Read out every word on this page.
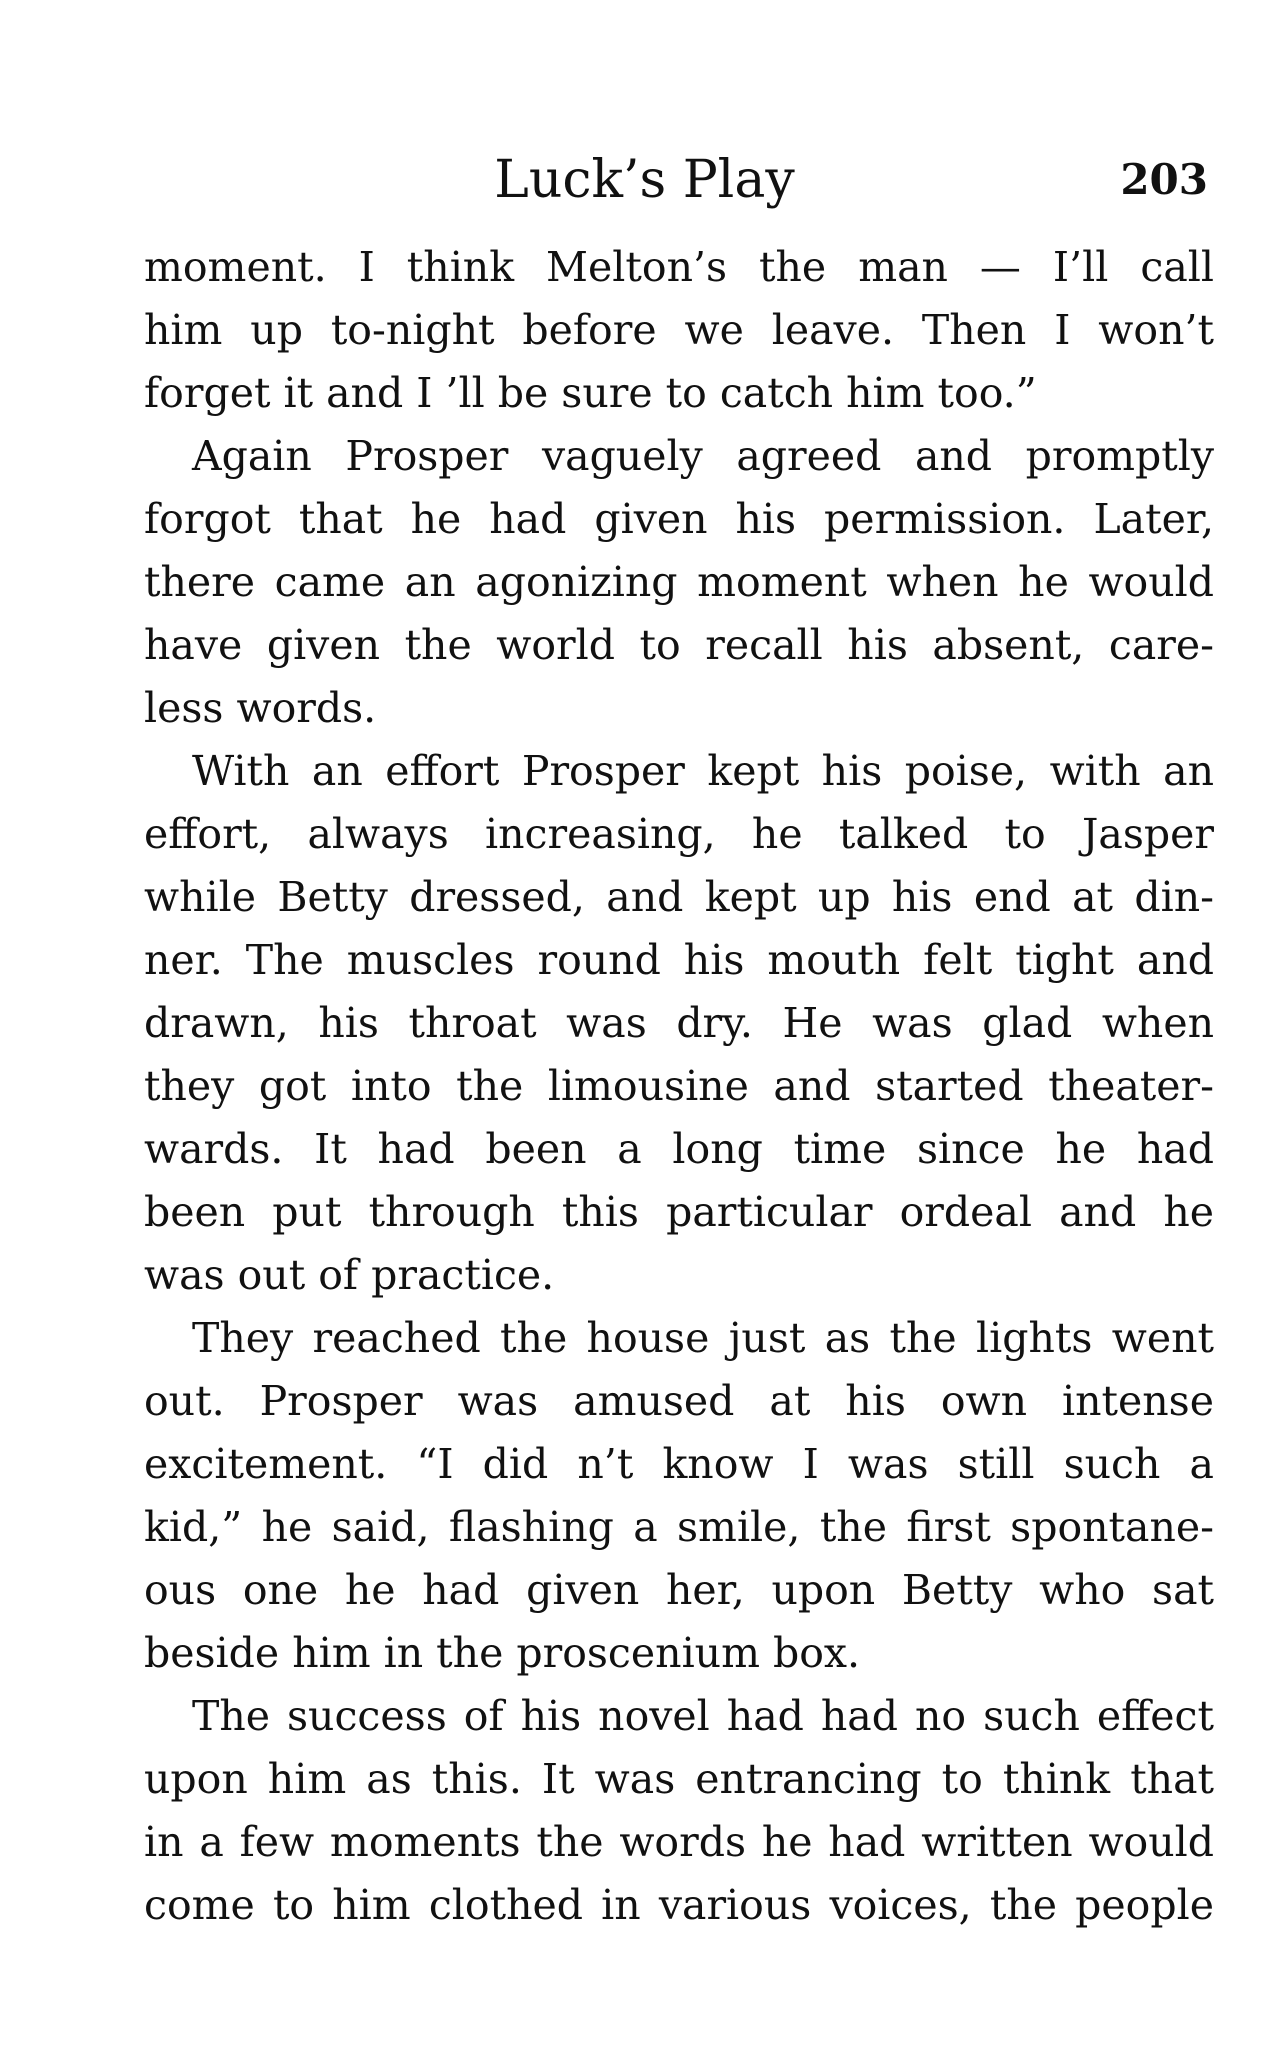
Luck’s Play	203
moment. I think Melton’s the man — I’ll call
him up to-night before we leave. Then I won’t
forget it and I ’ll be sure to catch him too.”
Again Prosper vaguely agreed and promptly
forgot that he had given his permission. Later,
there came an agonizing moment when he would
have given the world to recall his absent, care-
less words.
With an effort Prosper kept his poise, with an
effort, always increasing, he talked to Jasper
while Betty dressed, and kept up his end at din-
ner. The muscles round his mouth felt tight and
drawn, his throat was dry. He was glad when
they got into the limousine and started theater-
wards. It had been a long time since he had
been put through this particular ordeal and he
was out of practice.
They reached the house just as the lights went
out. Prosper was amused at his own intense
excitement. “I did n’t know I was still such a
kid,” he said, flashing a smile, the first spontane-
ous one he had given her, upon Betty who sat
beside him in the proscenium box.
The success of his novel had had no such effect
upon him as this. It was entrancing to think that
in a few moments the words he had written would
come to him clothed in various voices, the people
